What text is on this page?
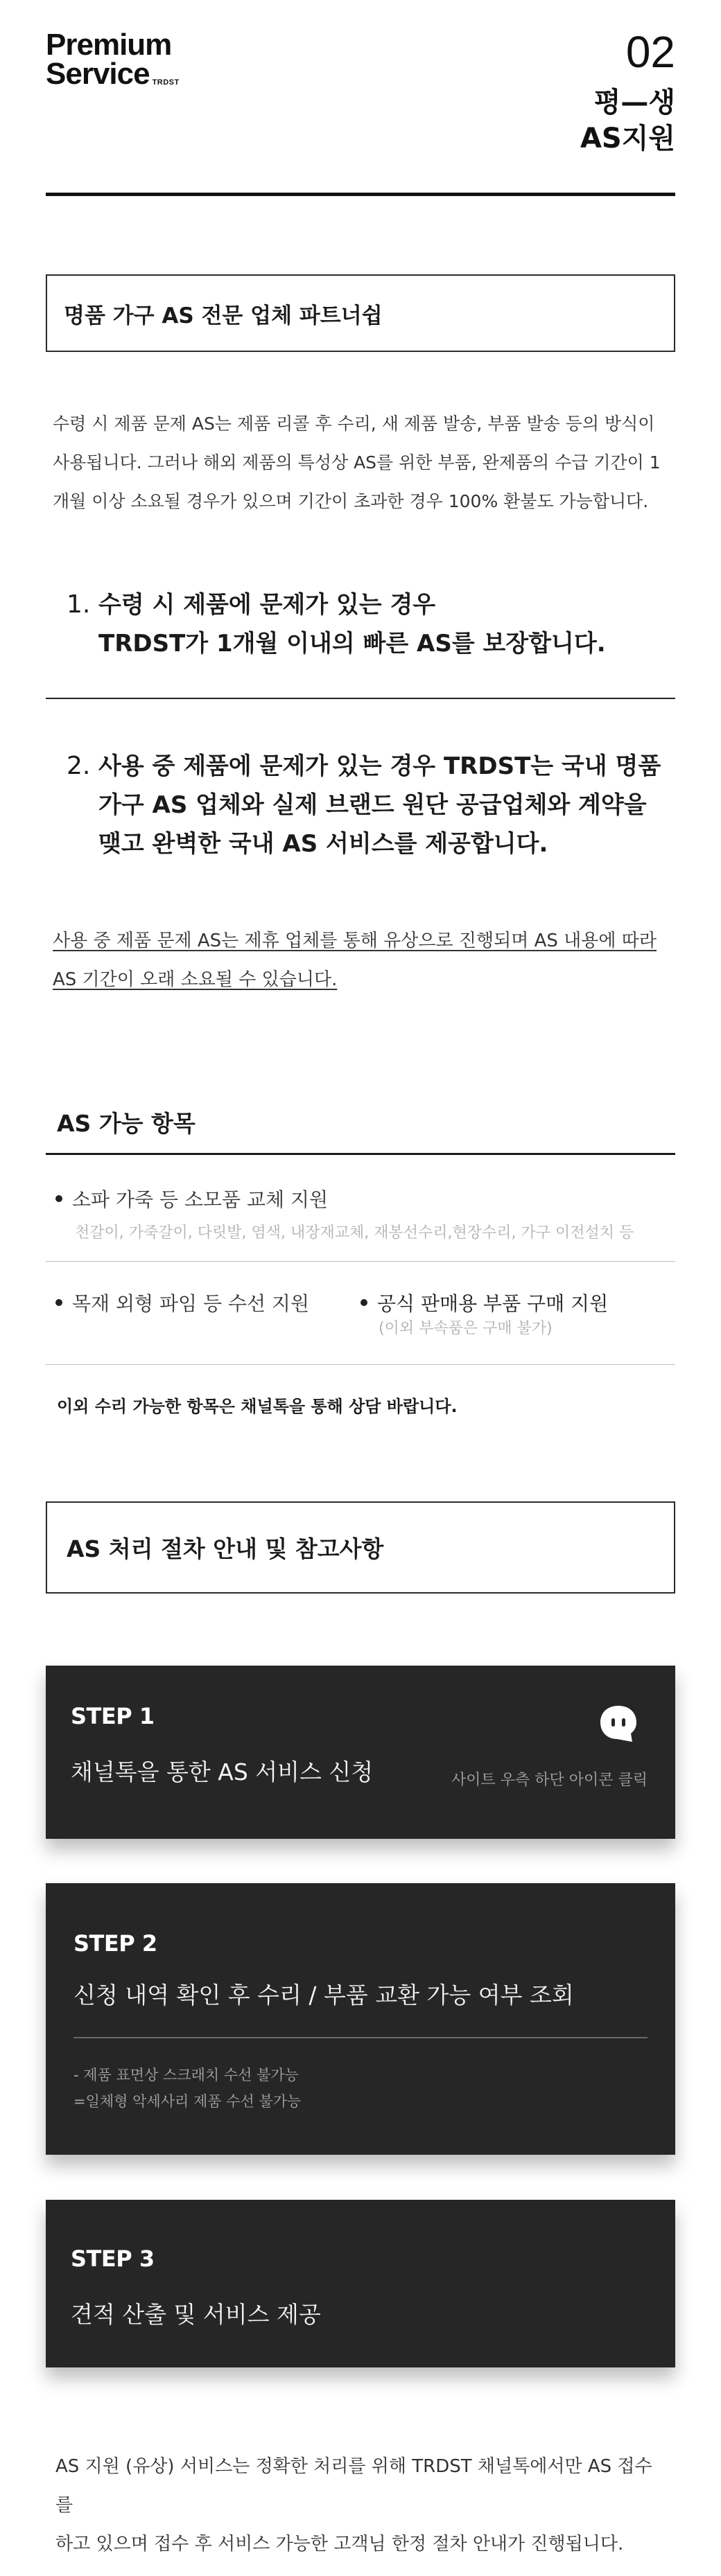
Premium
Service $^{TRDST}$
02
평—생
AS지원
명품 가구 AS 전문 업체 파트너쉽

수령 시 제품 문제 AS는 제품 리콜 후 수리, 새 제품 발송, 부품 발송 등의 방식이 사용됩니다. 그러나 해외 제품의 특성상 AS를 위한 부품, 완제품의 수급 기간이 1개월 이상 소요될 경우가 있으며 기간이 초과한 경우 100% 환불도 가능합니다.

1. 수령 시 제품에 문제가 있는 경우
TRDST가 1개월 이내의 빠른 AS를 보장합니다.
2. 사용 중 제품에 문제가 있는 경우 TRDST는 국내 명품
가구 AS 업체와 실제 브랜드 원단 공급업체와 계약을
맺고 완벽한 국내 AS 서비스를 제공합니다.
사용 중 제품 문제 AS는 제휴 업체를 통해 유상으로 진행되며 AS 내용에 따라
AS 기간이 오래 소요될 수 있습니다.
AS 가능 항목
소파 가죽 등 소모품 교체 지원
천갈이, 가죽갈이, 다릿발, 염색, 내장재교체, 재봉선수리,현장수리, 가구 이전설치 등
목재 외형 파임 등 수선 지원	공식 판매용 부품 구매 지원
(이외 부속품은 구매 불가)
이외 수리 가능한 항목은 채널톡을 통해 상담 바랍니다.
AS 처리 절차 안내 및 참고사항
STEP 1
채널톡을 통한 AS 서비스 신청	사이트 우측 하단 아이콘 클릭
STEP 2
신청 내역 확인 후 수리 / 부품 교환 가능 여부 조회
- 제품 표면상 스크래치 수선 불가능
=일체형 악세사리 제품 수선 불가능
STEP 3
견적 산출 및 서비스 제공
AS 지원 (유상) 서비스는 정확한 처리를 위해 TRDST 채널톡에서만 AS 접수를
하고 있으며 접수 후 서비스 가능한 고객님 한정 절차 안내가 진행됩니다.
